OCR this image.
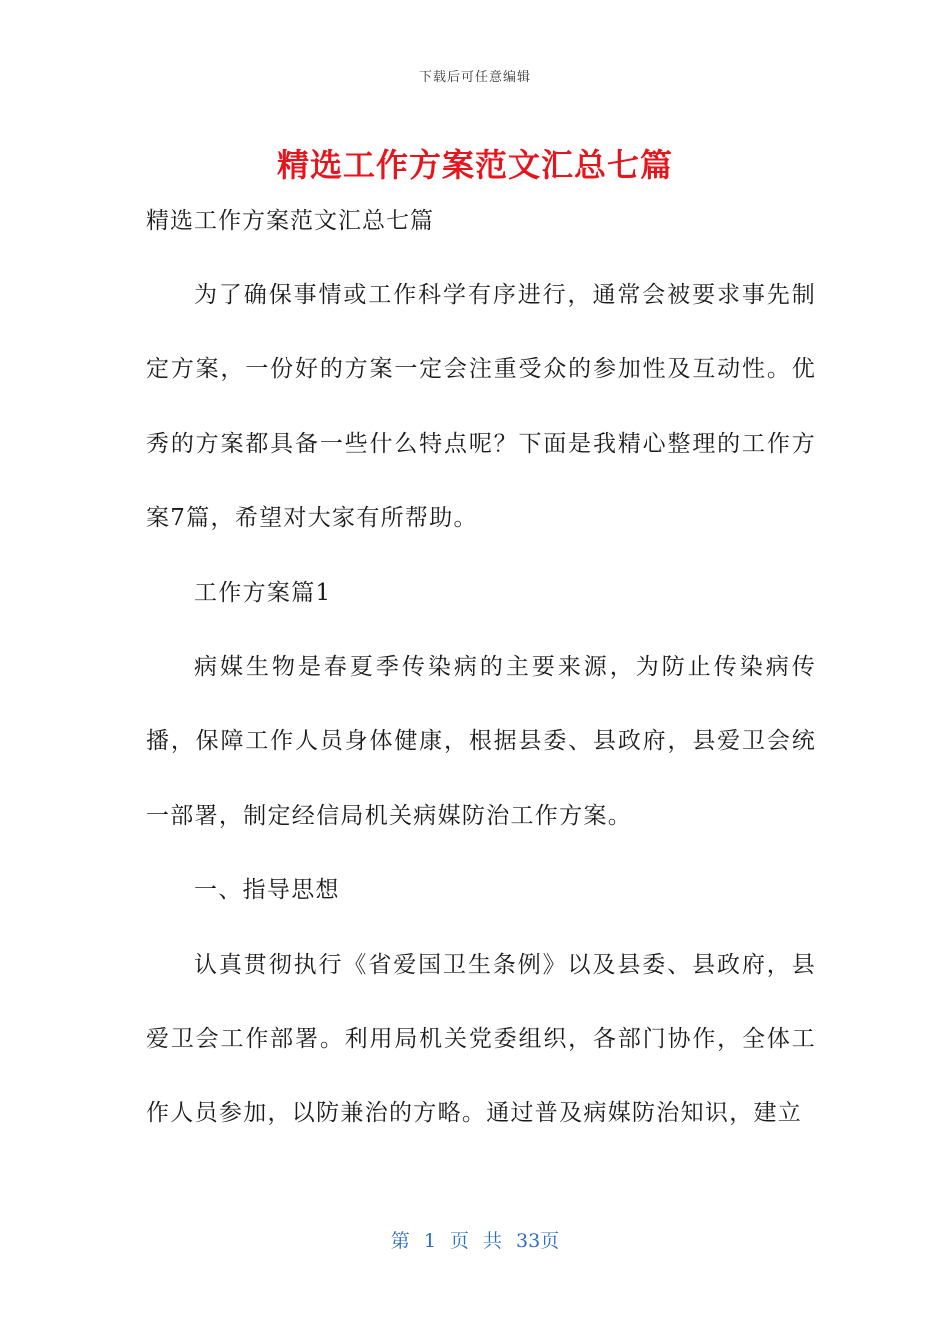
下载后可任意编辑
精选工作方案范文汇总七篇

精选工作方案范文汇总七篇

为了确保事情或工作科学有序进行，通常会被要求事先制定方案，一份好的方案一定会注重受众的参加性及互动性。优秀的方案都具备一些什么特点呢？下面是我精心整理的工作方案7篇，希望对大家有所帮助。

工作方案篇1

病媒生物是春夏季传染病的主要来源，为防止传染病传播，保障工作人员身体健康，根据县委、县政府，县爱卫会统一部署，制定经信局机关病媒防治工作方案。

一、指导思想

认真贯彻执行《省爱国卫生条例》以及县委、县政府，县爱卫会工作部署。利用局机关党委组织，各部门协作，全体工作人员参加，以防兼治的方略。通过普及病媒防治知识，建立

第 1 页 共 33页
